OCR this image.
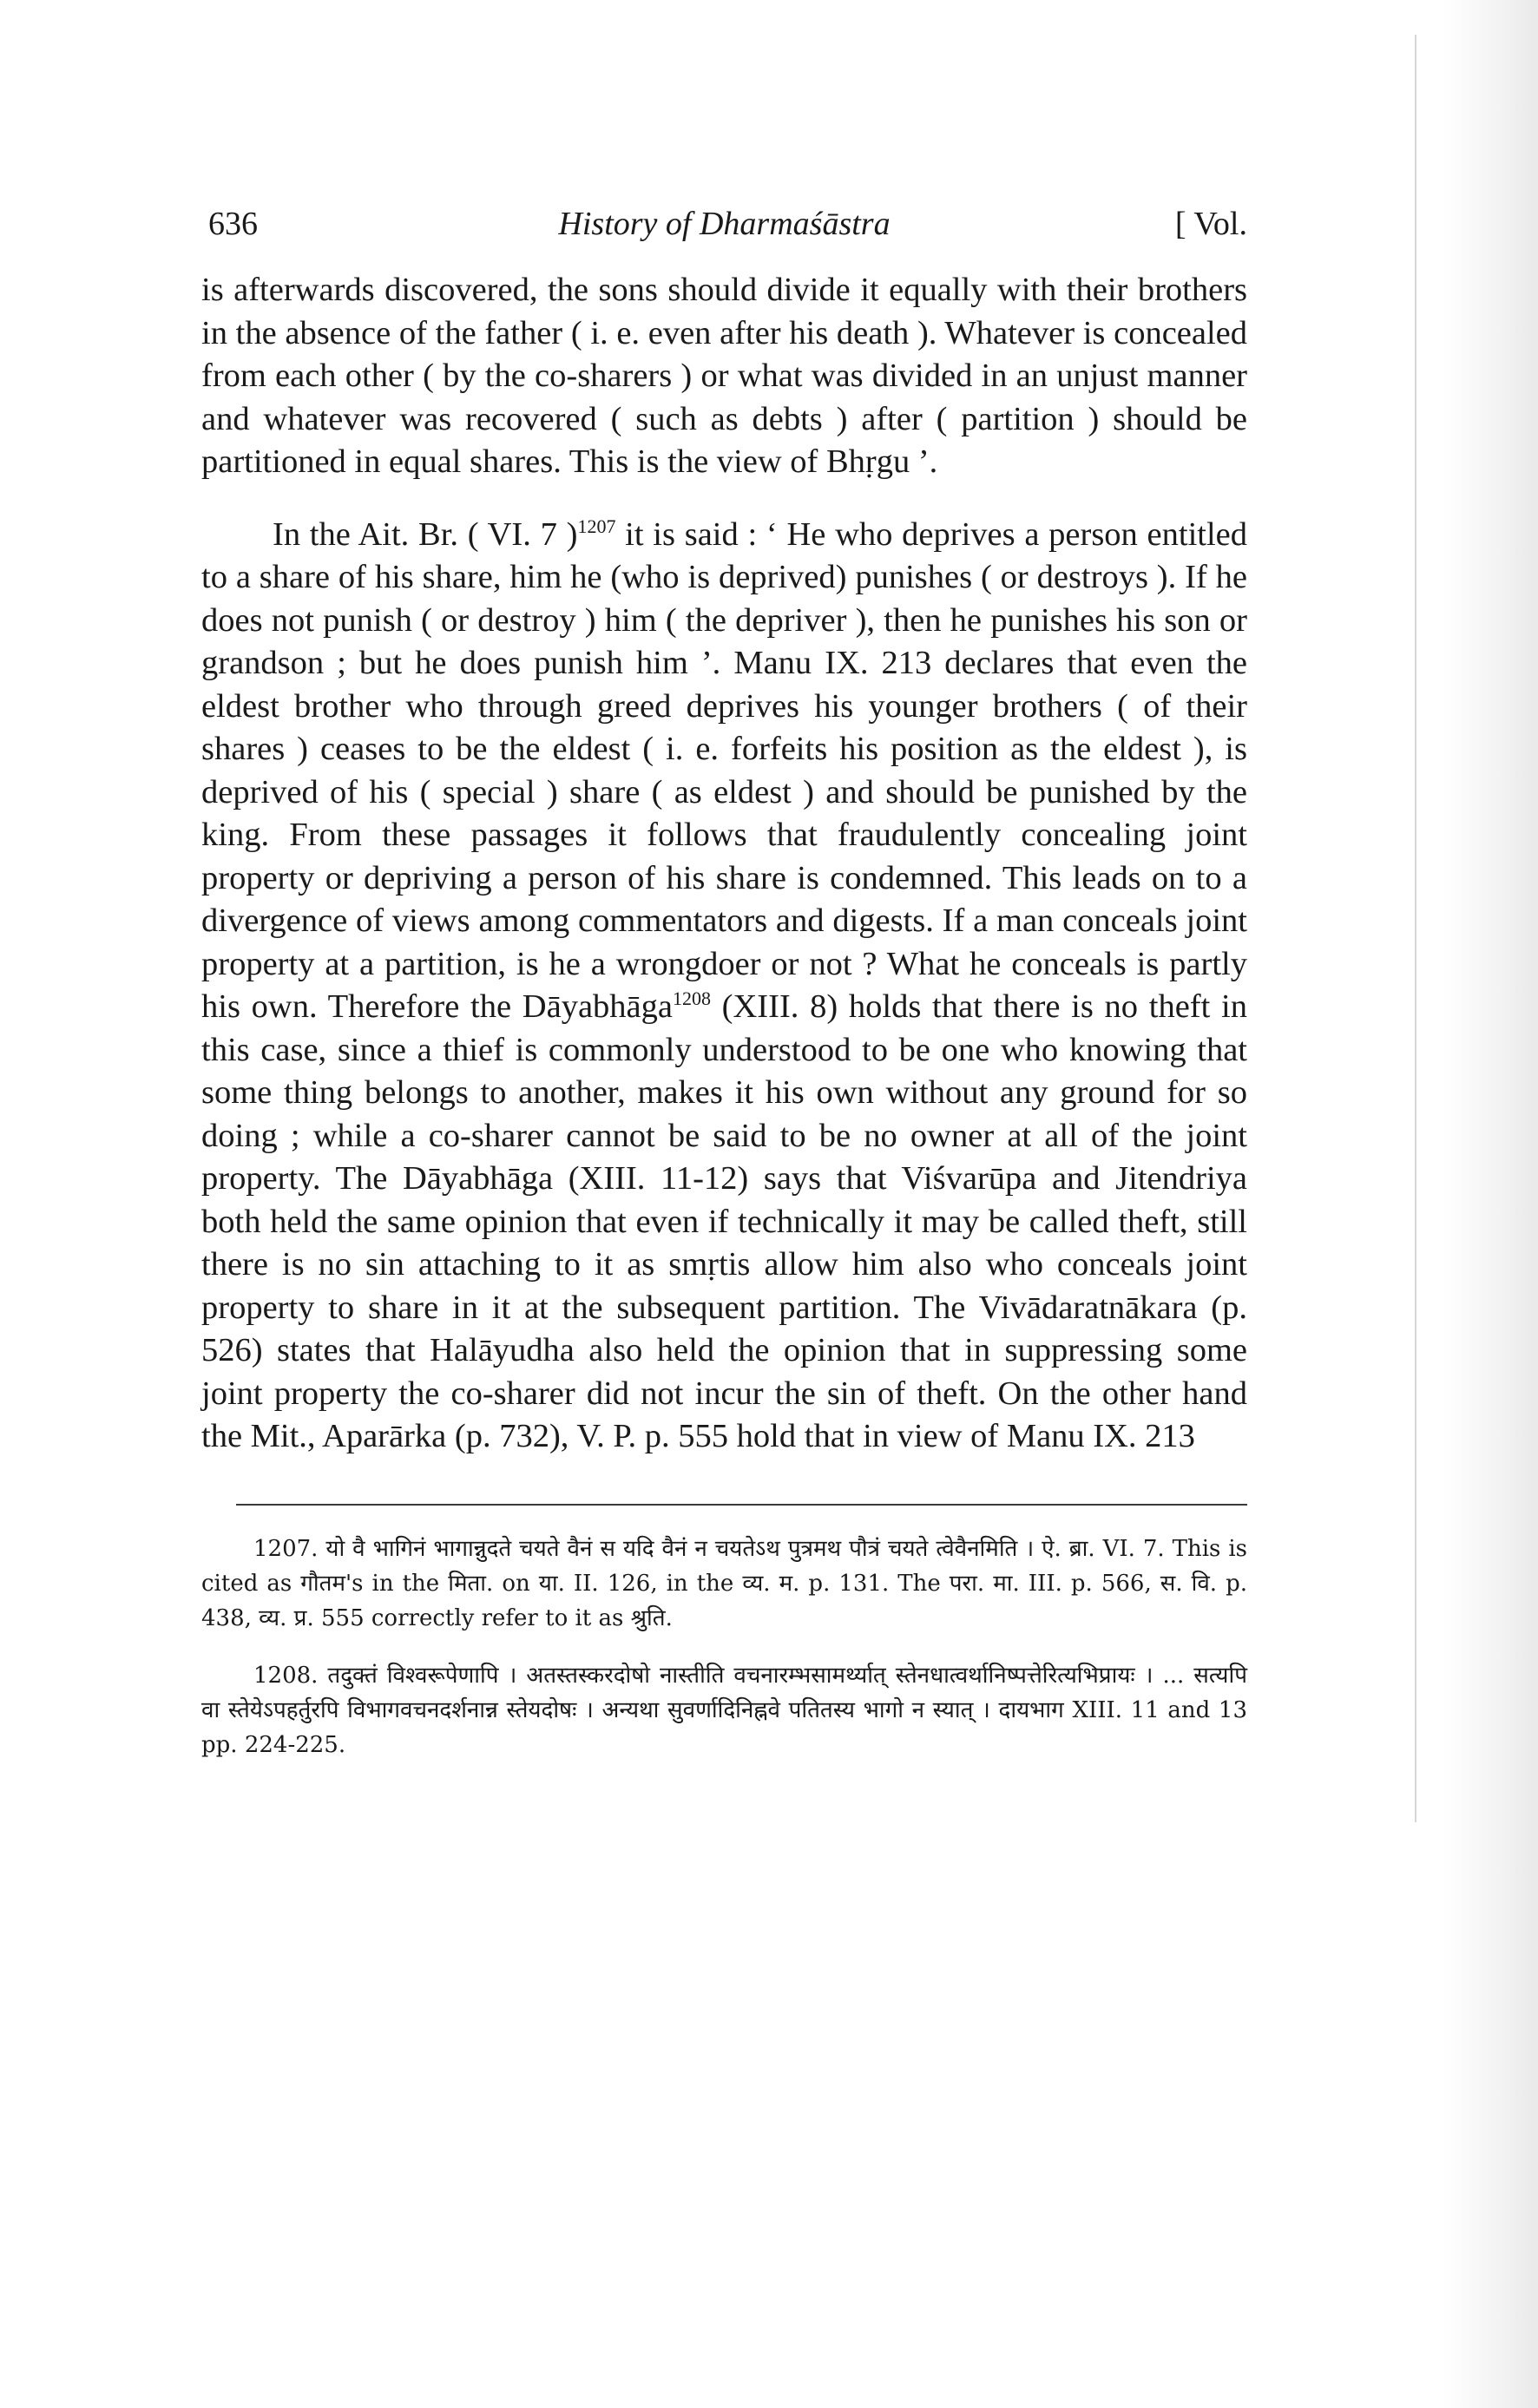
636	History of Dharmaśāstra	[ Vol.

is afterwards discovered, the sons should divide it equally with their brothers in the absence of the father ( i. e. even after his death ). Whatever is concealed from each other ( by the co-sharers ) or what was divided in an unjust manner and whatever was recovered ( such as debts ) after ( partition ) should be partitioned in equal shares. This is the view of Bhṛgu ’.

In the Ait. Br. ( VI. 7 )$^{1207}$ it is said : ‘ He who deprives a person entitled to a share of his share, him he (who is deprived) punishes ( or destroys ). If he does not punish ( or destroy ) him ( the depriver ), then he punishes his son or grandson ; but he does punish him ’. Manu IX. 213 declares that even the eldest brother who through greed deprives his younger brothers ( of their shares ) ceases to be the eldest ( i. e. forfeits his position as the eldest ), is deprived of his ( special ) share ( as eldest ) and should be punished by the king. From these passages it follows that fraudulently concealing joint property or depriving a person of his share is condemned. This leads on to a divergence of views among commentators and digests. If a man conceals joint property at a partition, is he a wrongdoer or not ? What he conceals is partly his own. Therefore the Dāyabhāga$^{1208}$ (XIII. 8) holds that there is no theft in this case, since a thief is commonly understood to be one who knowing that some thing belongs to another, makes it his own without any ground for so doing ; while a co-sharer cannot be said to be no owner at all of the joint property. The Dāyabhāga (XIII. 11-12) says that Viśvarūpa and Jitendriya both held the same opinion that even if technically it may be called theft, still there is no sin attaching to it as smṛtis allow him also who conceals joint property to share in it at the subsequent partition. The Vivādaratnākara (p. 526) states that Halāyudha also held the opinion that in suppressing some joint property the co-sharer did not incur the sin of theft. On the other hand the Mit., Aparārka (p. 732), V. P. p. 555 hold that in view of Manu IX. 213

1207. यो वै भागिनं भागान्नुदते चयते वैनं स यदि वैनं न चयतेऽथ पुत्रमथ पौत्रं चयते त्वेवैनमिति । ऐ. ब्रा. VI. 7. This is cited as गौतम's in the मिता. on या. II. 126, in the व्य. म. p. 131. The परा. मा. III. p. 566, स. वि. p. 438, व्य. प्र. 555 correctly refer to it as श्रुति.

1208. तदुक्तं विश्वरूपेणापि । अतस्तस्करदोषो नास्तीति वचनारम्भसामर्थ्यात् स्तेनधात्वर्थानिष्पत्तेरित्यभिप्रायः । ... सत्यपि वा स्तेयेऽपहर्तुरपि विभागवचनदर्शनान्न स्तेयदोषः । अन्यथा सुवर्णादिनिह्नवे पतितस्य भागो न स्यात् । दायभाग XIII. 11 and 13 pp. 224-225.
